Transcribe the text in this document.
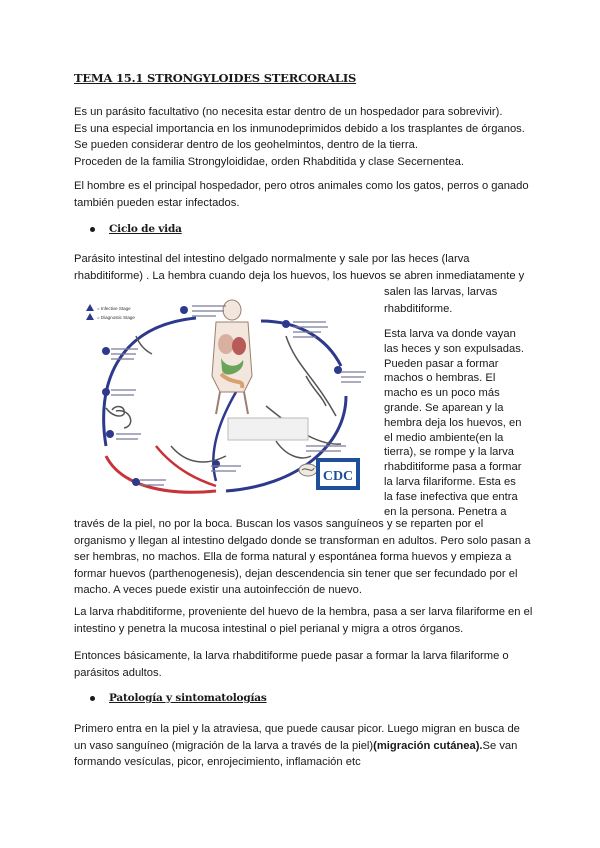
TEMA 15.1 STRONGYLOIDES STERCORALIS
Es un parásito facultativo (no necesita estar dentro de un hospedador para sobrevivir).
Es una especial importancia en los inmunodeprimidos debido a los trasplantes de órganos.
Se pueden considerar dentro de los geohelmintos, dentro de la tierra.
Proceden de la familia Strongyloididae, orden Rhabditida y clase Secernentea.
El hombre es el principal hospedador, pero otros animales como los gatos, perros o ganado
también pueden estar infectados.
Ciclo de vida
Parásito intestinal del intestino delgado normalmente y sale por las heces (larva
rhabditiforme) . La hembra cuando deja los huevos, los huevos se abren inmediatamente y
salen las larvas, larvas
rhabditiforme.
Esta larva va donde vayan
las heces y son expulsadas.
Pueden pasar a formar
machos o hembras. El
macho es un poco más
grande. Se aparean y la
hembra deja los huevos, en
el medio ambiente(en la
tierra), se rompe y la larva
rhabditiforme pasa a formar
la larva filariforme. Esta es
la fase inefectiva que entra
= Infective Stage
= Diagnostic Stage
CDC
través de la piel, no por la boca. Buscan los vasos sanguíneos y se reparten por el
organismo y llegan al intestino delgado donde se transforman en adultos. Pero solo pasan a
ser hembras, no machos. Ella de forma natural y espontánea forma huevos y empieza a
formar huevos (parthenogenesis), dejan descendencia sin tener que ser fecundado por el
macho. A veces puede existir una autoinfección de nuevo.
La larva rhabditiforme, proveniente del huevo de la hembra, pasa a ser larva filariforme en el
intestino y penetra la mucosa intestinal o piel perianal y migra a otros órganos.
Entonces básicamente, la larva rhabditiforme puede pasar a formar la larva filariforme o
parásitos adultos.
Patología y sintomatologías
Primero entra en la piel y la atraviesa, que puede causar picor. Luego migran en busca de
un vaso sanguíneo (migración de la larva a través de la piel)(migración cutánea).Se van
formando vesículas, picor, enrojecimiento, inflamación etc
en la persona. Penetra a
